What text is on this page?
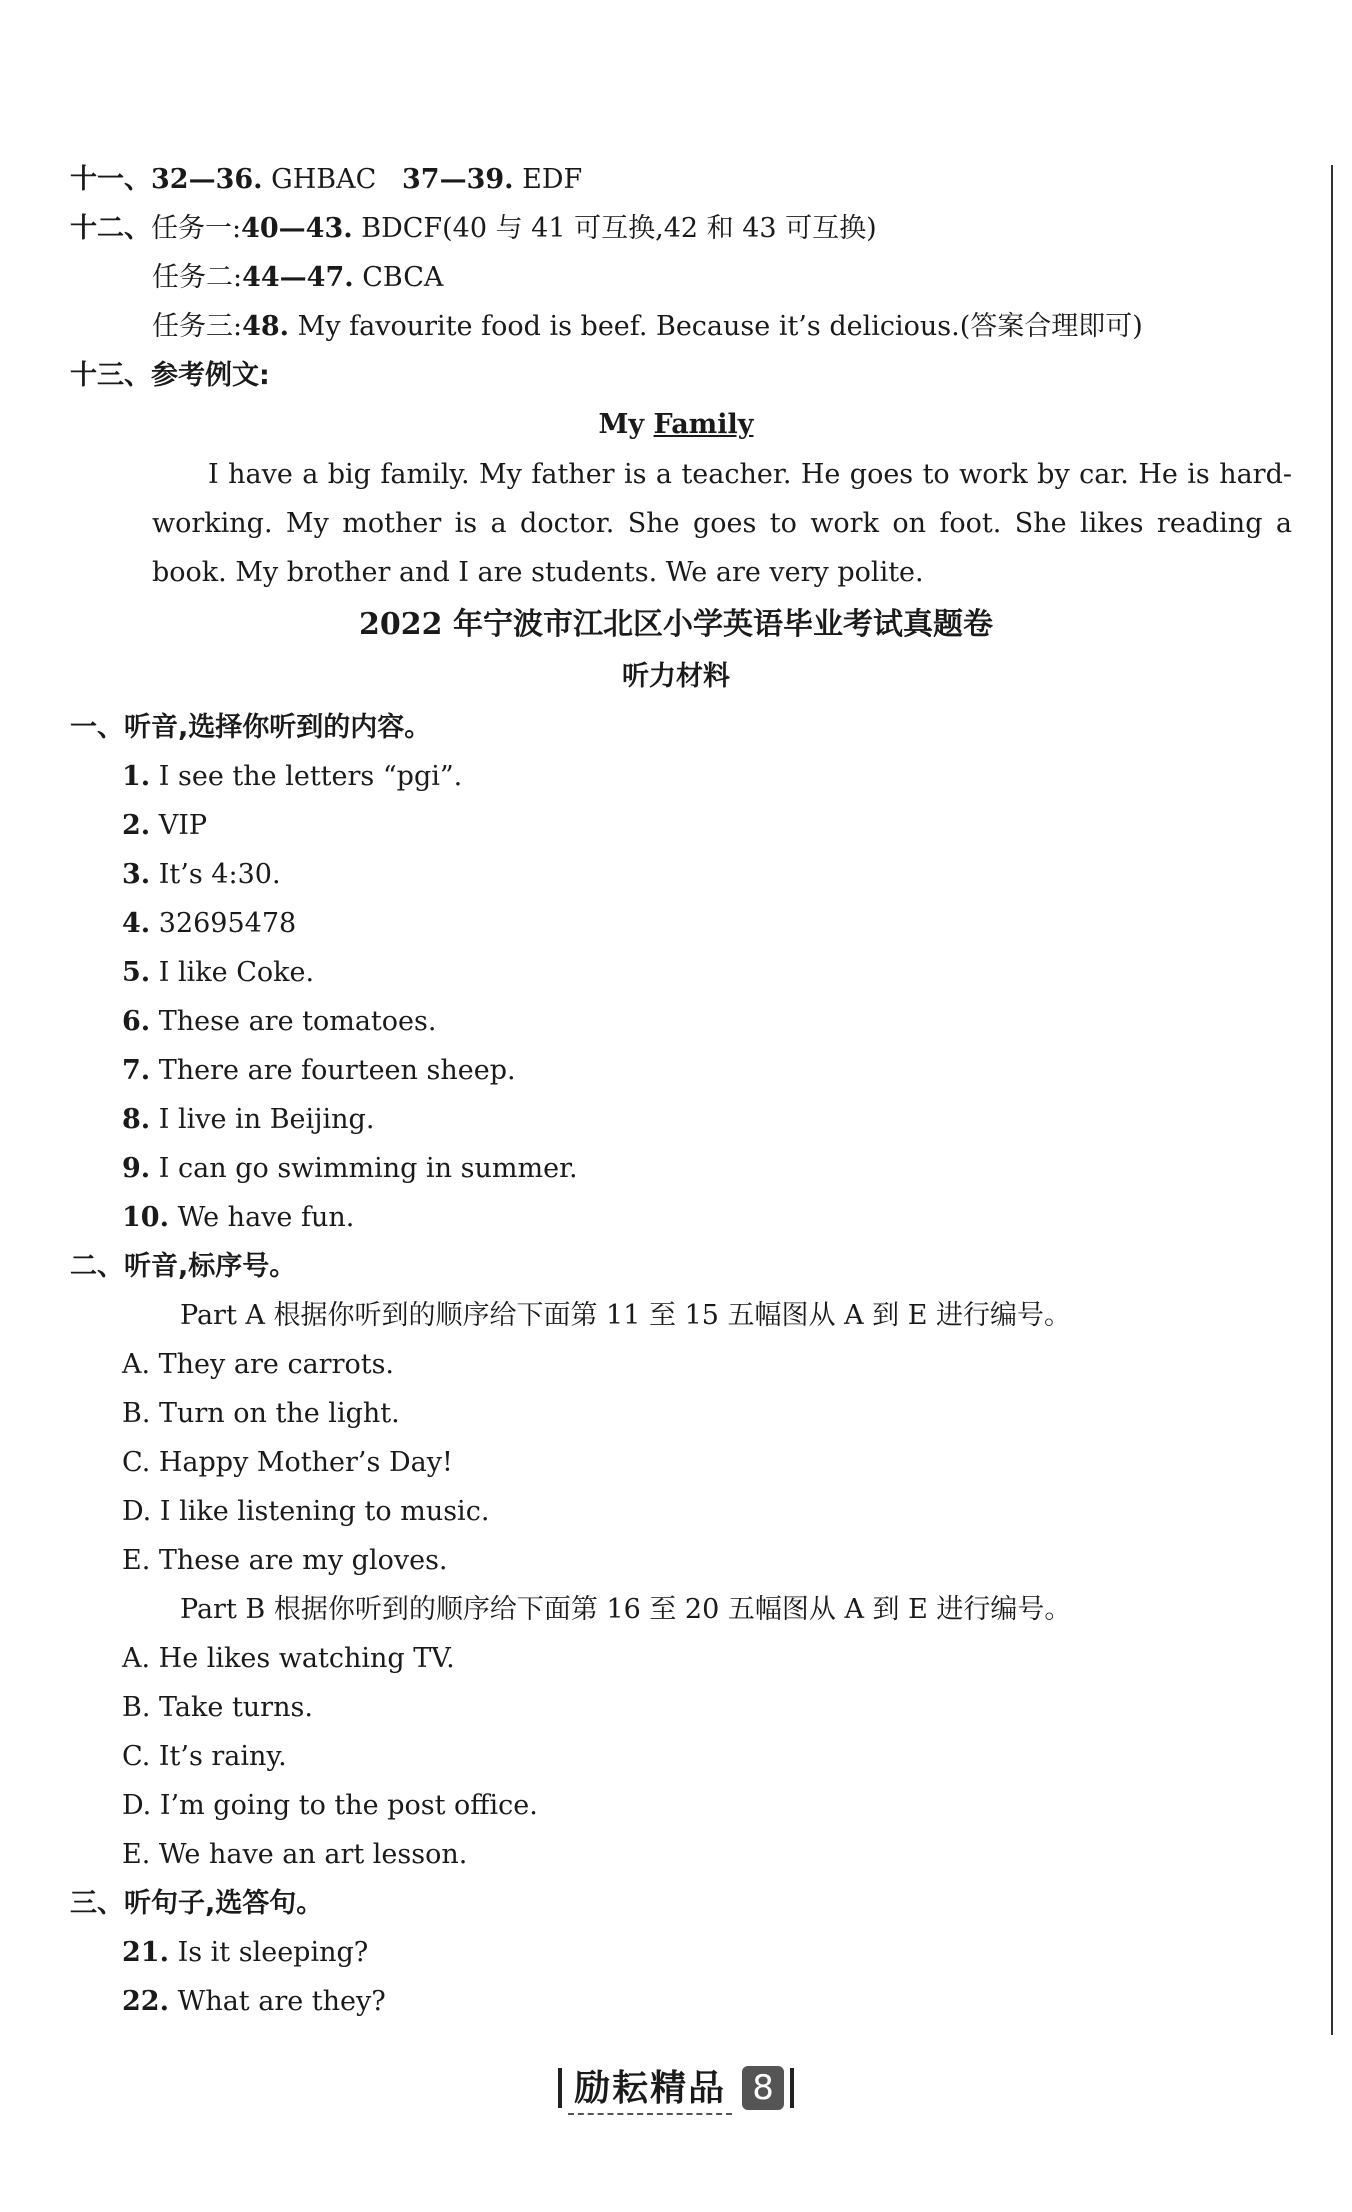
十一、32—36. GHBAC 37—39. EDF
十二、任务一:40—43. BDCF(40 与 41 可互换,42 和 43 可互换)
任务二:44—47. CBCA
任务三:48. My favourite food is beef. Because it’s delicious.(答案合理即可)
十三、参考例文:
My Family
I have a big family. My father is a teacher. He goes to work by car. He is hard-working. My mother is a doctor. She goes to work on foot. She likes reading a book. My brother and I are students. We are very polite.
2022 年宁波市江北区小学英语毕业考试真题卷
听力材料
一、听音,选择你听到的内容。
1. I see the letters “pgi”.
2. VIP
3. It’s 4:30.
4. 32695478
5. I like Coke.
6. These are tomatoes.
7. There are fourteen sheep.
8. I live in Beijing.
9. I can go swimming in summer.
10. We have fun.
二、听音,标序号。
Part A 根据你听到的顺序给下面第 11 至 15 五幅图从 A 到 E 进行编号。
A. They are carrots.
B. Turn on the light.
C. Happy Mother’s Day!
D. I like listening to music.
E. These are my gloves.
Part B 根据你听到的顺序给下面第 16 至 20 五幅图从 A 到 E 进行编号。
A. He likes watching TV.
B. Take turns.
C. It’s rainy.
D. I’m going to the post office.
E. We have an art lesson.
三、听句子,选答句。
21. Is it sleeping?
22. What are they?
励耘精品 8
